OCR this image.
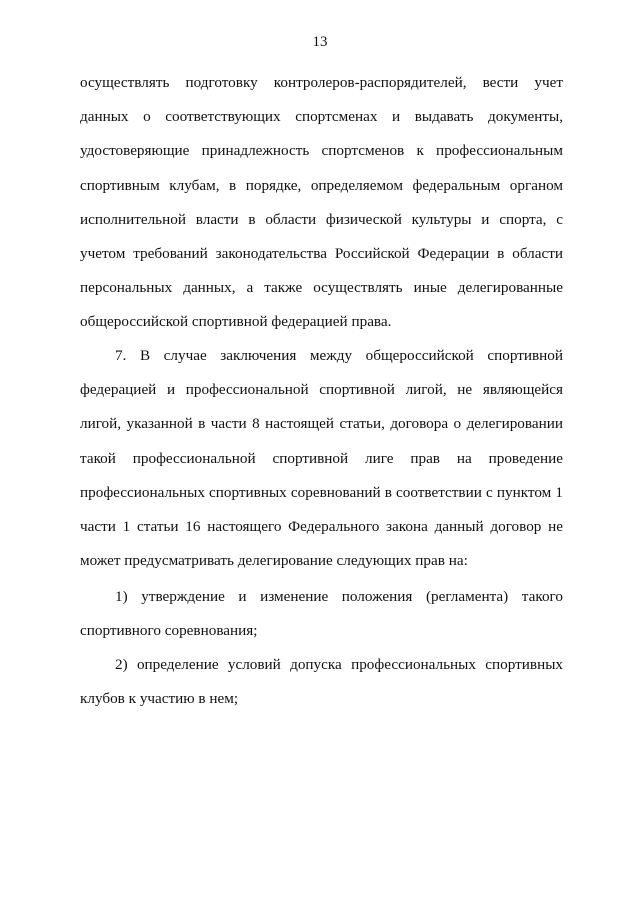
13

осуществлять подготовку контролеров-распорядителей, вести учет данных о соответствующих спортсменах и выдавать документы, удостоверяющие принадлежность спортсменов к профессиональным спортивным клубам, в порядке, определяемом федеральным органом исполнительной власти в области физической культуры и спорта, с учетом требований законодательства Российской Федерации в области персональных данных, а также осуществлять иные делегированные общероссийской спортивной федерацией права.

7. В случае заключения между общероссийской спортивной федерацией и профессиональной спортивной лигой, не являющейся лигой, указанной в части 8 настоящей статьи, договора о делегировании такой профессиональной спортивной лиге прав на проведение профессиональных спортивных соревнований в соответствии с пунктом 1 части 1 статьи 16 настоящего Федерального закона данный договор не может предусматривать делегирование следующих прав на:

1) утверждение и изменение положения (регламента) такого спортивного соревнования;

2) определение условий допуска профессиональных спортивных клубов к участию в нем;
